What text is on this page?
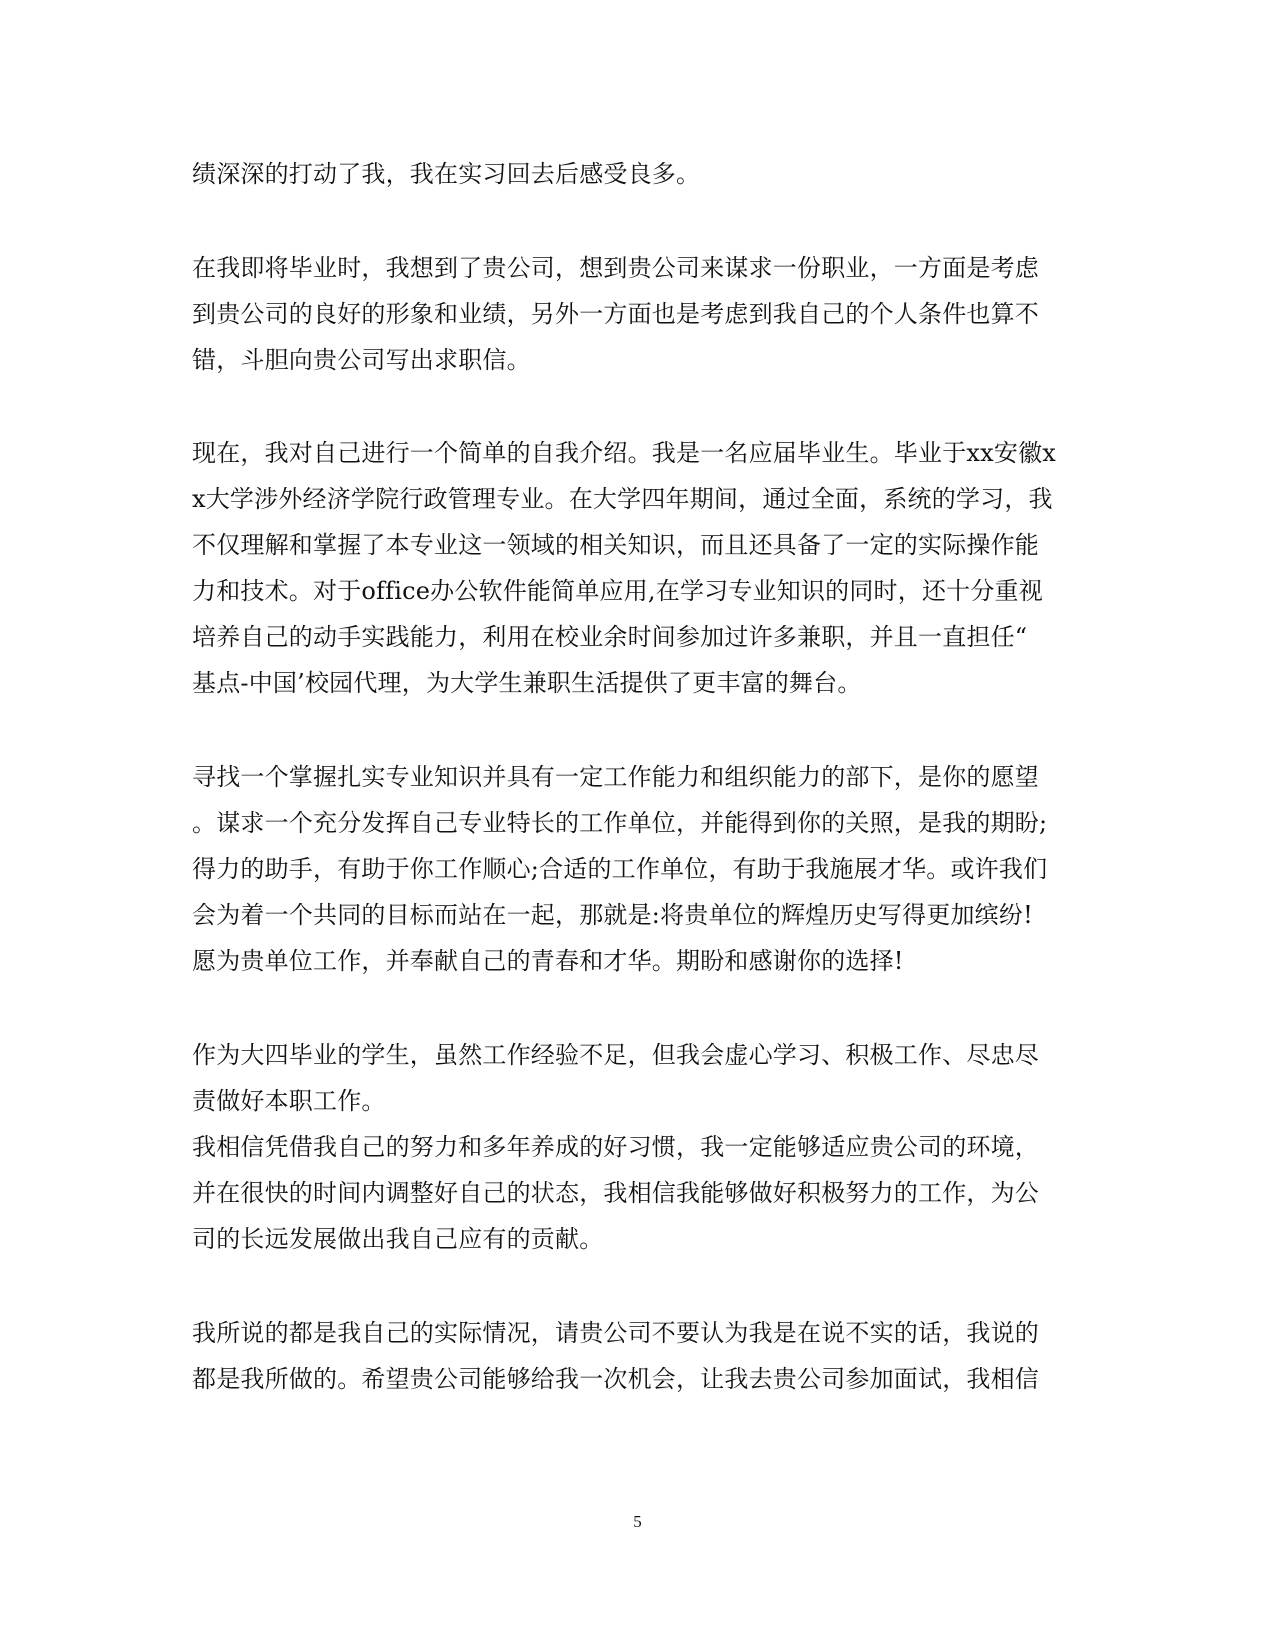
绩深深的打动了我，我在实习回去后感受良多。
在我即将毕业时，我想到了贵公司，想到贵公司来谋求一份职业，一方面是考虑
到贵公司的良好的形象和业绩，另外一方面也是考虑到我自己的个人条件也算不
错，斗胆向贵公司写出求职信。
现在，我对自己进行一个简单的自我介绍。我是一名应届毕业生。毕业于xx安徽x
x大学涉外经济学院行政管理专业。在大学四年期间，通过全面，系统的学习，我
不仅理解和掌握了本专业这一领域的相关知识，而且还具备了一定的实际操作能
力和技术。对于office办公软件能简单应用,在学习专业知识的同时，还十分重视
培养自己的动手实践能力，利用在校业余时间参加过许多兼职，并且一直担任“
基点-中国’校园代理，为大学生兼职生活提供了更丰富的舞台。
寻找一个掌握扎实专业知识并具有一定工作能力和组织能力的部下，是你的愿望
。谋求一个充分发挥自己专业特长的工作单位，并能得到你的关照，是我的期盼;
得力的助手，有助于你工作顺心;合适的工作单位，有助于我施展才华。或许我们
会为着一个共同的目标而站在一起，那就是:将贵单位的辉煌历史写得更加缤纷!
愿为贵单位工作，并奉献自己的青春和才华。期盼和感谢你的选择!
作为大四毕业的学生，虽然工作经验不足，但我会虚心学习、积极工作、尽忠尽
责做好本职工作。
我相信凭借我自己的努力和多年养成的好习惯，我一定能够适应贵公司的环境，
并在很快的时间内调整好自己的状态，我相信我能够做好积极努力的工作，为公
司的长远发展做出我自己应有的贡献。
我所说的都是我自己的实际情况，请贵公司不要认为我是在说不实的话，我说的
都是我所做的。希望贵公司能够给我一次机会，让我去贵公司参加面试，我相信
5
